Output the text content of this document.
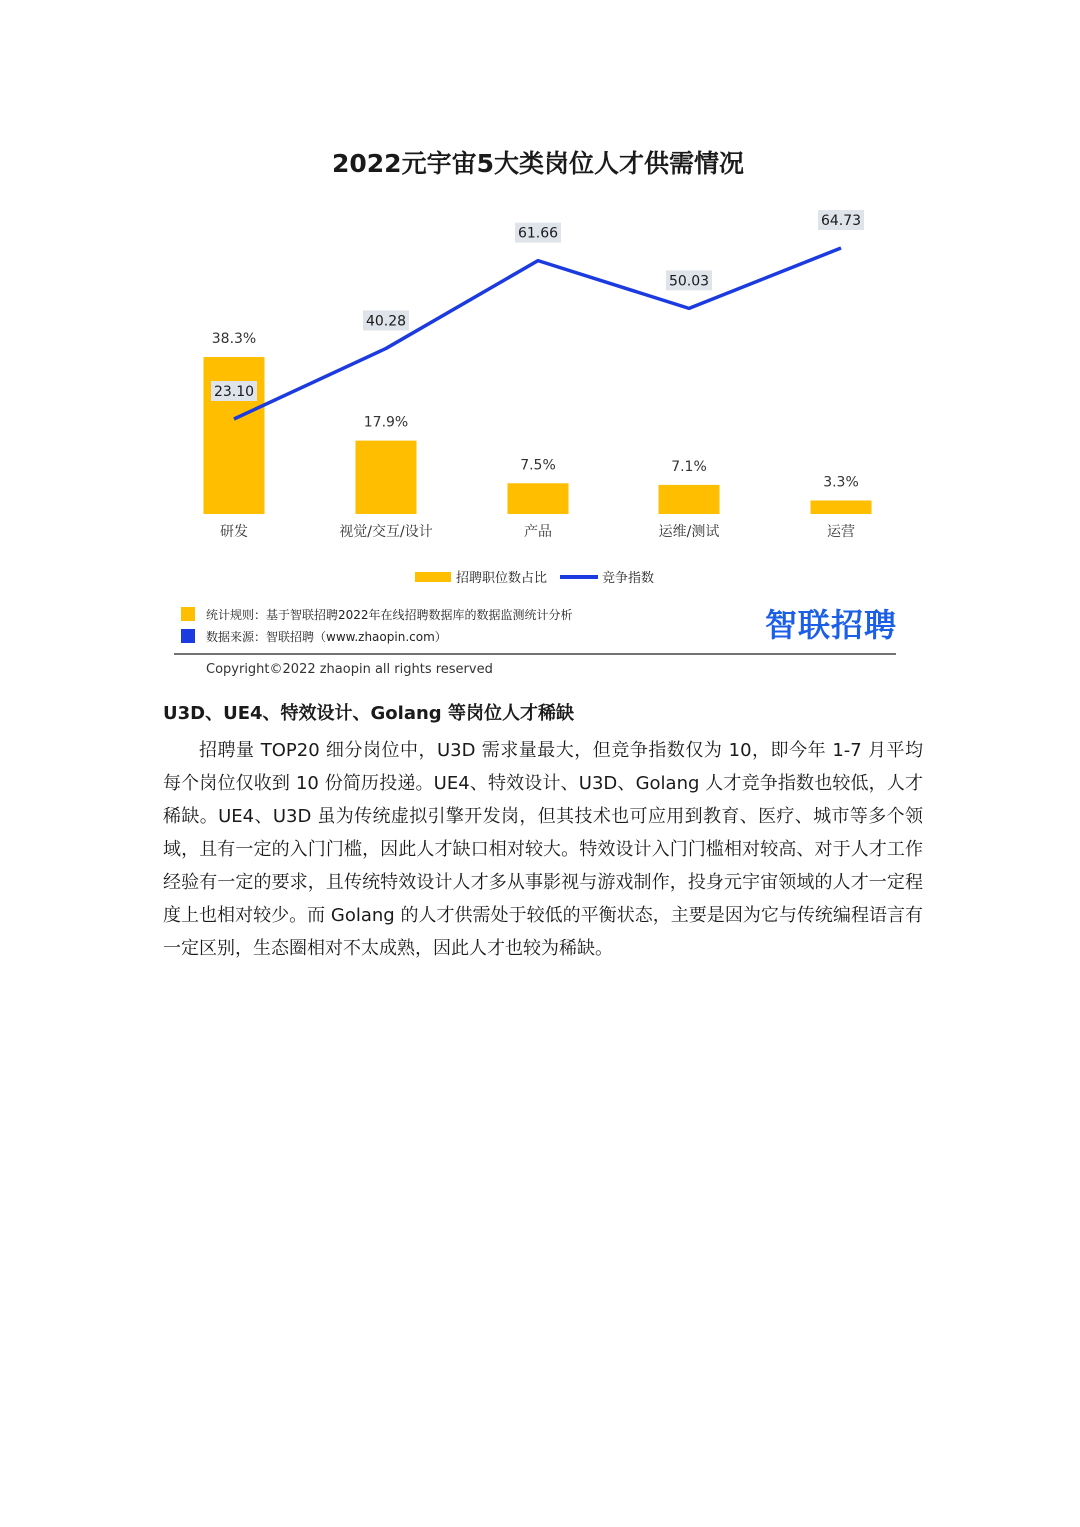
2022元宇宙5大类岗位人才供需情况
38.3%
17.9%
7.5%	7.1%
3.3%
23.10
40.28
61.66
50.03
64.73
研发	视觉/交互/设计	产品	运维/测试	运营
招聘职位数占比	竞争指数
统计规则：基于智联招聘2022年在线招聘数据库的数据监测统计分析
数据来源：智联招聘（www.zhaopin.com）	智联招聘
Copyright©2022 zhaopin all rights reserved
U3D、UE4、特效设计、Golang 等岗位人才稀缺

招聘量 TOP20 细分岗位中，U3D 需求量最大，但竞争指数仅为 10，即今年 1-7 月平均每个岗位仅收到 10 份简历投递。UE4、特效设计、U3D、Golang 人才竞争指数也较低，人才稀缺。UE4、U3D 虽为传统虚拟引擎开发岗，但其技术也可应用到教育、医疗、城市等多个领域，且有一定的入门门槛，因此人才缺口相对较大。特效设计入门门槛相对较高、对于人才工作经验有一定的要求，且传统特效设计人才多从事影视与游戏制作，投身元宇宙领域的人才一定程度上也相对较少。而 Golang 的人才供需处于较低的平衡状态，主要是因为它与传统编程语言有一定区别，生态圈相对不太成熟，因此人才也较为稀缺。
